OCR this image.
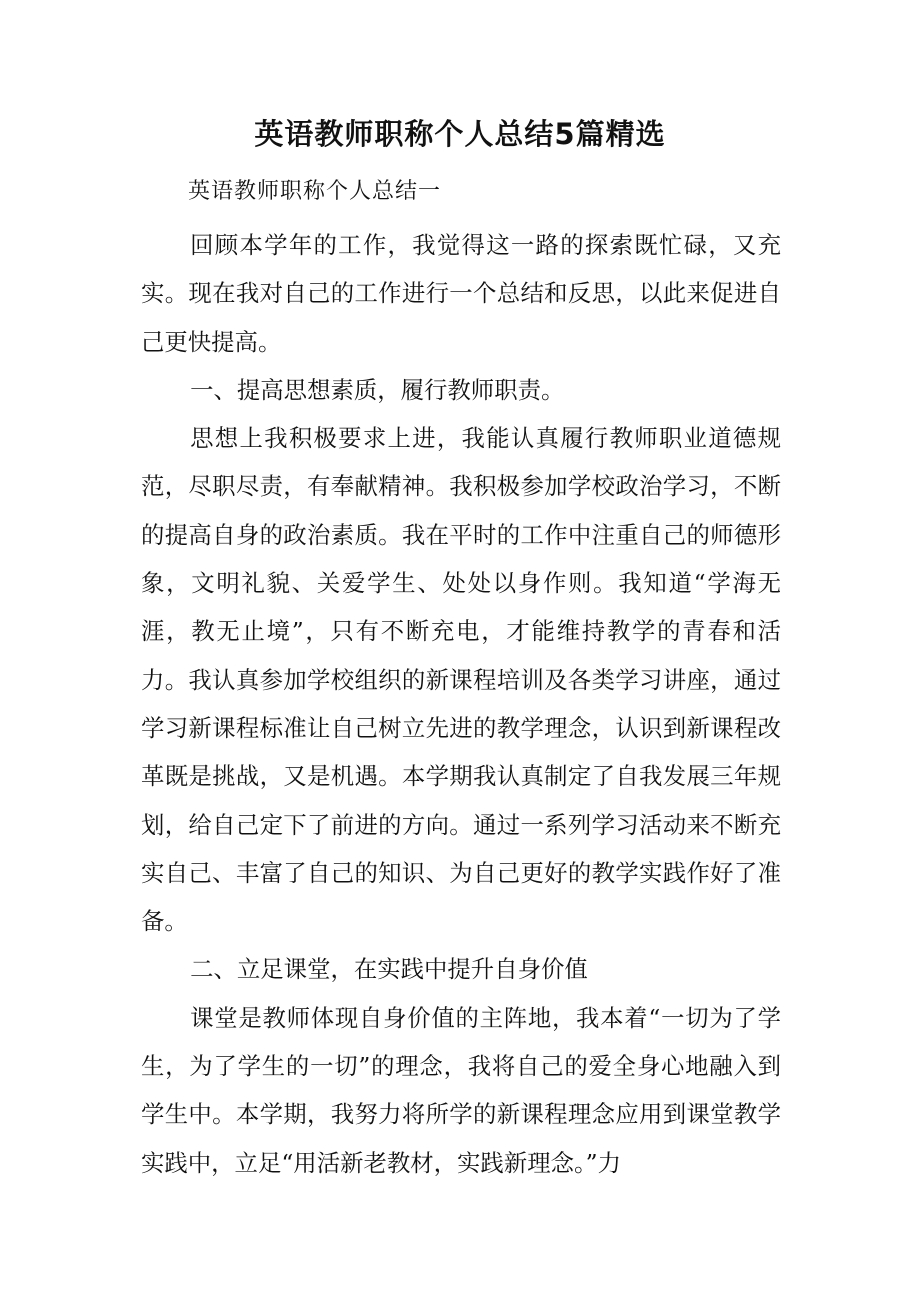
英语教师职称个人总结5篇精选

英语教师职称个人总结一

回顾本学年的工作，我觉得这一路的探索既忙碌，又充实。现在我对自己的工作进行一个总结和反思，以此来促进自己更快提高。

一、提高思想素质，履行教师职责。

思想上我积极要求上进，我能认真履行教师职业道德规范，尽职尽责，有奉献精神。我积极参加学校政治学习，不断的提高自身的政治素质。我在平时的工作中注重自己的师德形象，文明礼貌、关爱学生、处处以身作则。我知道“学海无涯，教无止境”，只有不断充电，才能维持教学的青春和活力。我认真参加学校组织的新课程培训及各类学习讲座，通过学习新课程标准让自己树立先进的教学理念，认识到新课程改革既是挑战，又是机遇。本学期我认真制定了自我发展三年规划，给自己定下了前进的方向。通过一系列学习活动来不断充实自己、丰富了自己的知识、为自己更好的教学实践作好了准备。

二、立足课堂，在实践中提升自身价值

课堂是教师体现自身价值的主阵地，我本着“一切为了学生，为了学生的一切”的理念，我将自己的爱全身心地融入到学生中。本学期，我努力将所学的新课程理念应用到课堂教学实践中，立足“用活新老教材，实践新理念。”力
